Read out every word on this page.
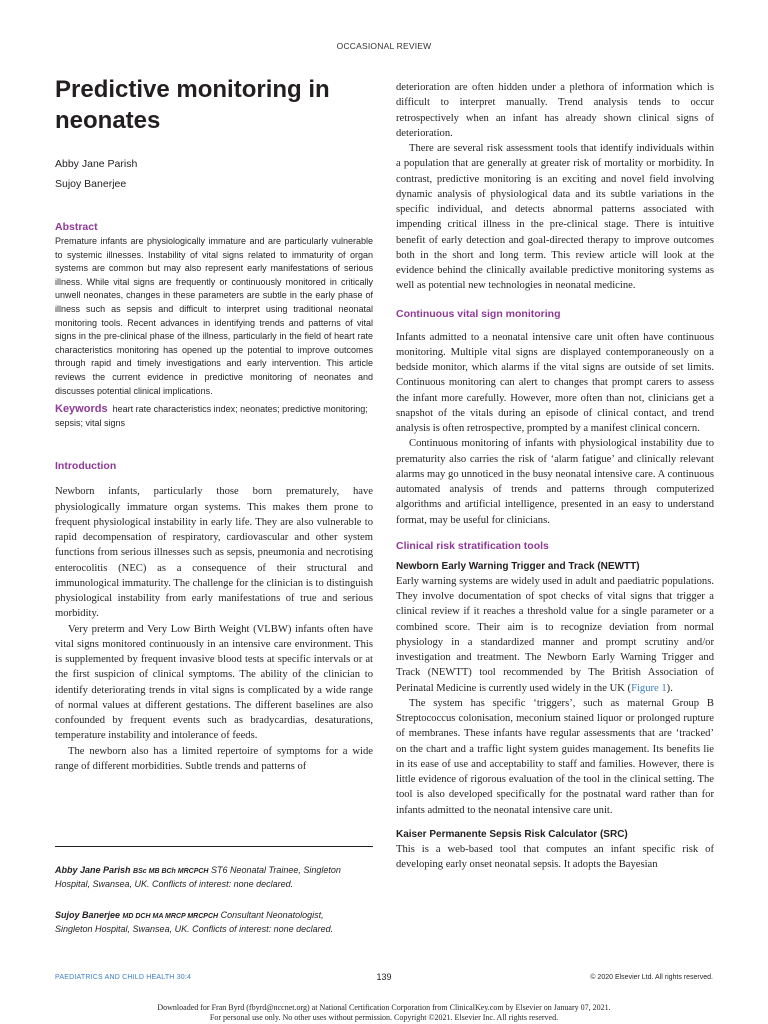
OCCASIONAL REVIEW
Predictive monitoring in neonates

Abby Jane Parish

Sujoy Banerjee

Abstract

Premature infants are physiologically immature and are particularly vulnerable to systemic illnesses. Instability of vital signs related to immaturity of organ systems are common but may also represent early manifestations of serious illness. While vital signs are frequently or continuously monitored in critically unwell neonates, changes in these parameters are subtle in the early phase of illness such as sepsis and difficult to interpret using traditional neonatal monitoring tools. Recent advances in identifying trends and patterns of vital signs in the pre-clinical phase of the illness, particularly in the field of heart rate characteristics monitoring has opened up the potential to improve outcomes through rapid and timely investigations and early intervention. This article reviews the current evidence in predictive monitoring of neonates and discusses potential clinical implications.

Keywords heart rate characteristics index; neonates; predictive monitoring; sepsis; vital signs

Introduction

Newborn infants, particularly those born prematurely, have physiologically immature organ systems. This makes them prone to frequent physiological instability in early life. They are also vulnerable to rapid decompensation of respiratory, cardiovascular and other system functions from serious illnesses such as sepsis, pneumonia and necrotising enterocolitis (NEC) as a consequence of their structural and immunological immaturity. The challenge for the clinician is to distinguish physiological instability from early manifestations of true and serious morbidity.

Very preterm and Very Low Birth Weight (VLBW) infants often have vital signs monitored continuously in an intensive care environment. This is supplemented by frequent invasive blood tests at specific intervals or at the first suspicion of clinical symptoms. The ability of the clinician to identify deteriorating trends in vital signs is complicated by a wide range of normal values at different gestations. The different baselines are also confounded by frequent events such as bradycardias, desaturations, temperature instability and intolerance of feeds.

The newborn also has a limited repertoire of symptoms for a wide range of different morbidities. Subtle trends and patterns of

Abby Jane Parish BSc MB BCh MRCPCH ST6 Neonatal Trainee, Singleton Hospital, Swansea, UK. Conflicts of interest: none declared.

Sujoy Banerjee MD DCH MA MRCP MRCPCH Consultant Neonatologist, Singleton Hospital, Swansea, UK. Conflicts of interest: none declared.

deterioration are often hidden under a plethora of information which is difficult to interpret manually. Trend analysis tends to occur retrospectively when an infant has already shown clinical signs of deterioration.

There are several risk assessment tools that identify individuals within a population that are generally at greater risk of mortality or morbidity. In contrast, predictive monitoring is an exciting and novel field involving dynamic analysis of physiological data and its subtle variations in the specific individual, and detects abnormal patterns associated with impending critical illness in the pre-clinical stage. There is intuitive benefit of early detection and goal-directed therapy to improve outcomes both in the short and long term. This review article will look at the evidence behind the clinically available predictive monitoring systems as well as potential new technologies in neonatal medicine.

Continuous vital sign monitoring

Infants admitted to a neonatal intensive care unit often have continuous monitoring. Multiple vital signs are displayed contemporaneously on a bedside monitor, which alarms if the vital signs are outside of set limits. Continuous monitoring can alert to changes that prompt carers to assess the infant more carefully. However, more often than not, clinicians get a snapshot of the vitals during an episode of clinical contact, and trend analysis is often retrospective, prompted by a manifest clinical concern.

Continuous monitoring of infants with physiological instability due to prematurity also carries the risk of ‘alarm fatigue’ and clinically relevant alarms may go unnoticed in the busy neonatal intensive care. A continuous automated analysis of trends and patterns through computerized algorithms and artificial intelligence, presented in an easy to understand format, may be useful for clinicians.

Clinical risk stratification tools

Newborn Early Warning Trigger and Track (NEWTT)

Early warning systems are widely used in adult and paediatric populations. They involve documentation of spot checks of vital signs that trigger a clinical review if it reaches a threshold value for a single parameter or a combined score. Their aim is to recognize deviation from normal physiology in a standardized manner and prompt scrutiny and/or investigation and treatment. The Newborn Early Warning Trigger and Track (NEWTT) tool recommended by The British Association of Perinatal Medicine is currently used widely in the UK (Figure 1).

The system has specific ‘triggers’, such as maternal Group B Streptococcus colonisation, meconium stained liquor or prolonged rupture of membranes. These infants have regular assessments that are ‘tracked’ on the chart and a traffic light system guides management. Its benefits lie in its ease of use and acceptability to staff and families. However, there is little evidence of rigorous evaluation of the tool in the clinical setting. The tool is also developed specifically for the postnatal ward rather than for infants admitted to the neonatal intensive care unit.

Kaiser Permanente Sepsis Risk Calculator (SRC)

This is a web-based tool that computes an infant specific risk of developing early onset neonatal sepsis. It adopts the Bayesian

PAEDIATRICS AND CHILD HEALTH 30:4	139	© 2020 Elsevier Ltd. All rights reserved.
Downloaded for Fran Byrd (fbyrd@nccnet.org) at National Certification Corporation from ClinicalKey.com by Elsevier on January 07, 2021.
For personal use only. No other uses without permission. Copyright ©2021. Elsevier Inc. All rights reserved.
